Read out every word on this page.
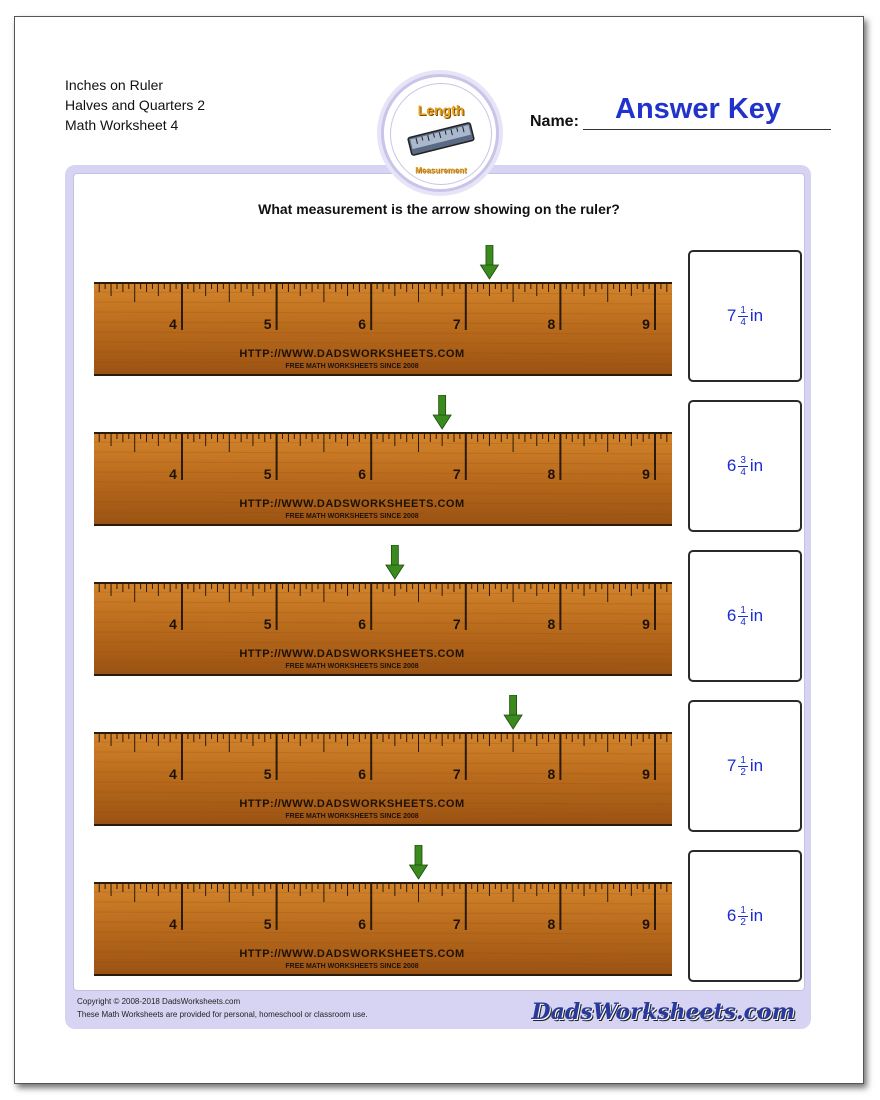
Inches on Ruler
Halves and Quarters 2
Math Worksheet 4
Length
Measurement
Name: Answer Key
What measurement is the arrow showing on the ruler?
4	5	6	7	8	9
HTTP://WWW.DADSWORKSHEETS.COM
FREE MATH WORKSHEETS SINCE 2008
$7 \frac{1}{4}$ in
4	5	6	7	8	9
HTTP://WWW.DADSWORKSHEETS.COM
FREE MATH WORKSHEETS SINCE 2008
$6 \frac{3}{4}$ in
4	5	6	7	8	9
HTTP://WWW.DADSWORKSHEETS.COM
FREE MATH WORKSHEETS SINCE 2008
$6 \frac{1}{4}$ in
4	5	6	7	8	9
HTTP://WWW.DADSWORKSHEETS.COM
FREE MATH WORKSHEETS SINCE 2008
$7 \frac{1}{2}$ in
4	5	6	7	8	9
HTTP://WWW.DADSWORKSHEETS.COM
FREE MATH WORKSHEETS SINCE 2008
$6 \frac{1}{2}$ in
Copyright © 2008-2018 DadsWorksheets.com
These Math Worksheets are provided for personal, homeschool or classroom use.	DadsWorksheets.com
